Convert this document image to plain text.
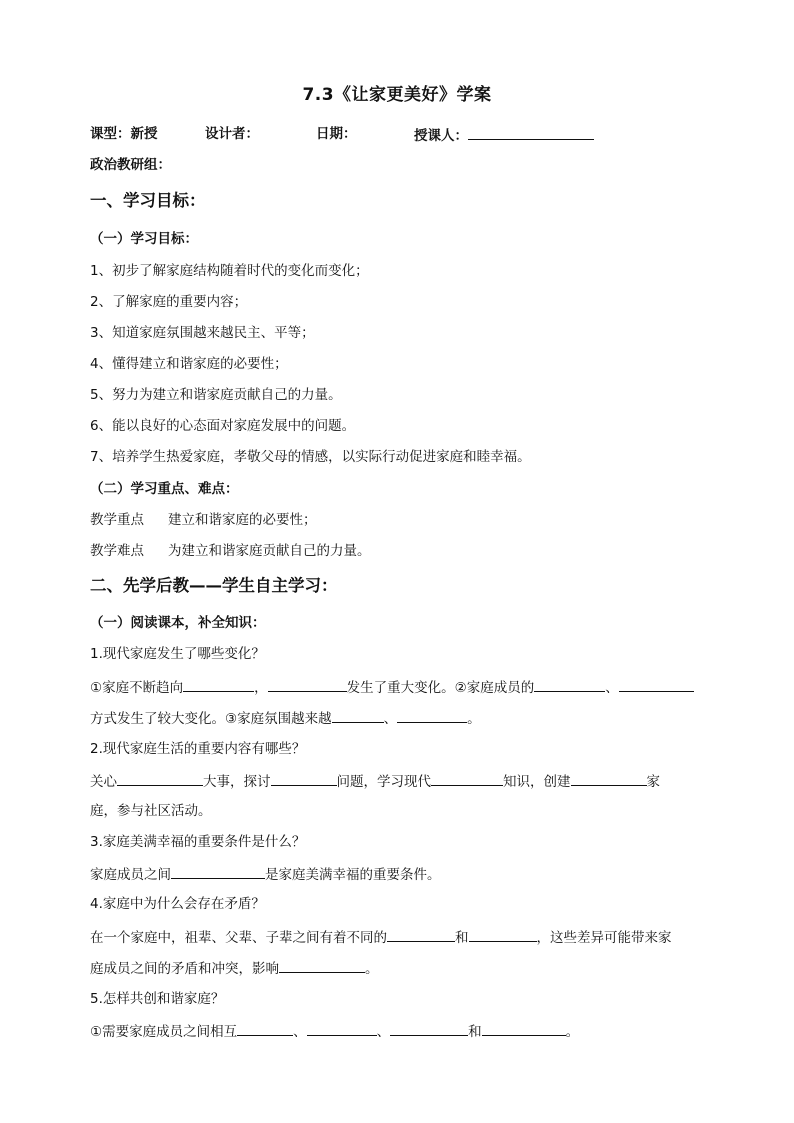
7.3《让家更美好》学案
课型：新授	设计者：	日期：	授课人：
政治教研组：
一、学习目标：
（一）学习目标：
1、初步了解家庭结构随着时代的变化而变化；
2、了解家庭的重要内容；
3、知道家庭氛围越来越民主、平等；
4、懂得建立和谐家庭的必要性；
5、努力为建立和谐家庭贡献自己的力量。
6、能以良好的心态面对家庭发展中的问题。
7、培养学生热爱家庭，孝敬父母的情感，以实际行动促进家庭和睦幸福。
（二）学习重点、难点：
教学重点 建立和谐家庭的必要性；
教学难点 为建立和谐家庭贡献自己的力量。
二、先学后教——学生自主学习：
（一）阅读课本，补全知识：
1.现代家庭发生了哪些变化？
①家庭不断趋向	，	发生了重大变化。②家庭成员的	、
方式发生了较大变化。③家庭氛围越来越	、	。
2.现代家庭生活的重要内容有哪些？
关心	大事，探讨	问题，学习现代	知识，创建	家
庭，参与社区活动。
3.家庭美满幸福的重要条件是什么？
家庭成员之间	是家庭美满幸福的重要条件。
4.家庭中为什么会存在矛盾？
在一个家庭中，祖辈、父辈、子辈之间有着不同的	和	，这些差异可能带来家
庭成员之间的矛盾和冲突，影响	。
5.怎样共创和谐家庭？
①需要家庭成员之间相互	、	、	和	。
